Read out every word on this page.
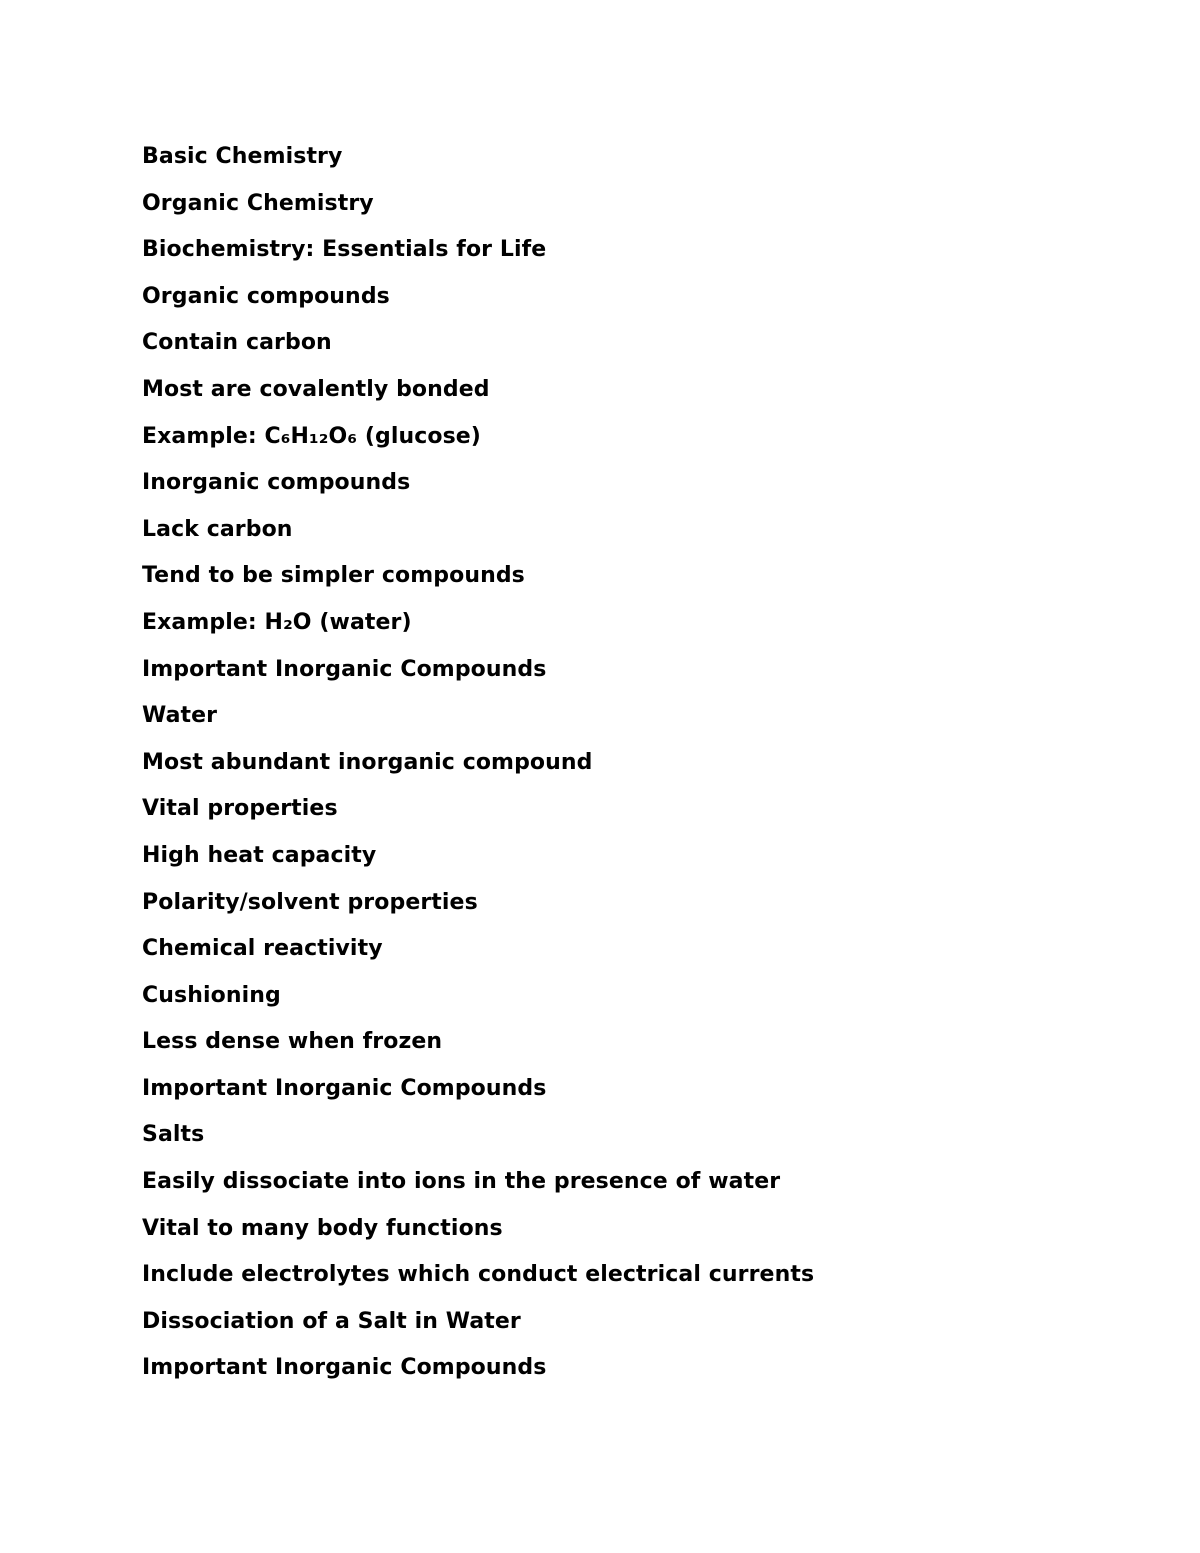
Basic Chemistry
Organic Chemistry
Biochemistry: Essentials for Life
Organic compounds
Contain carbon
Most are covalently bonded
Example: C₆H₁₂O₆ (glucose)
Inorganic compounds
Lack carbon
Tend to be simpler compounds
Example: H₂O (water)
Important Inorganic Compounds
Water
Most abundant inorganic compound
Vital properties
High heat capacity
Polarity/solvent properties
Chemical reactivity
Cushioning
Less dense when frozen
Important Inorganic Compounds
Salts
Easily dissociate into ions in the presence of water
Vital to many body functions
Include electrolytes which conduct electrical currents
Dissociation of a Salt in Water
Important Inorganic Compounds
